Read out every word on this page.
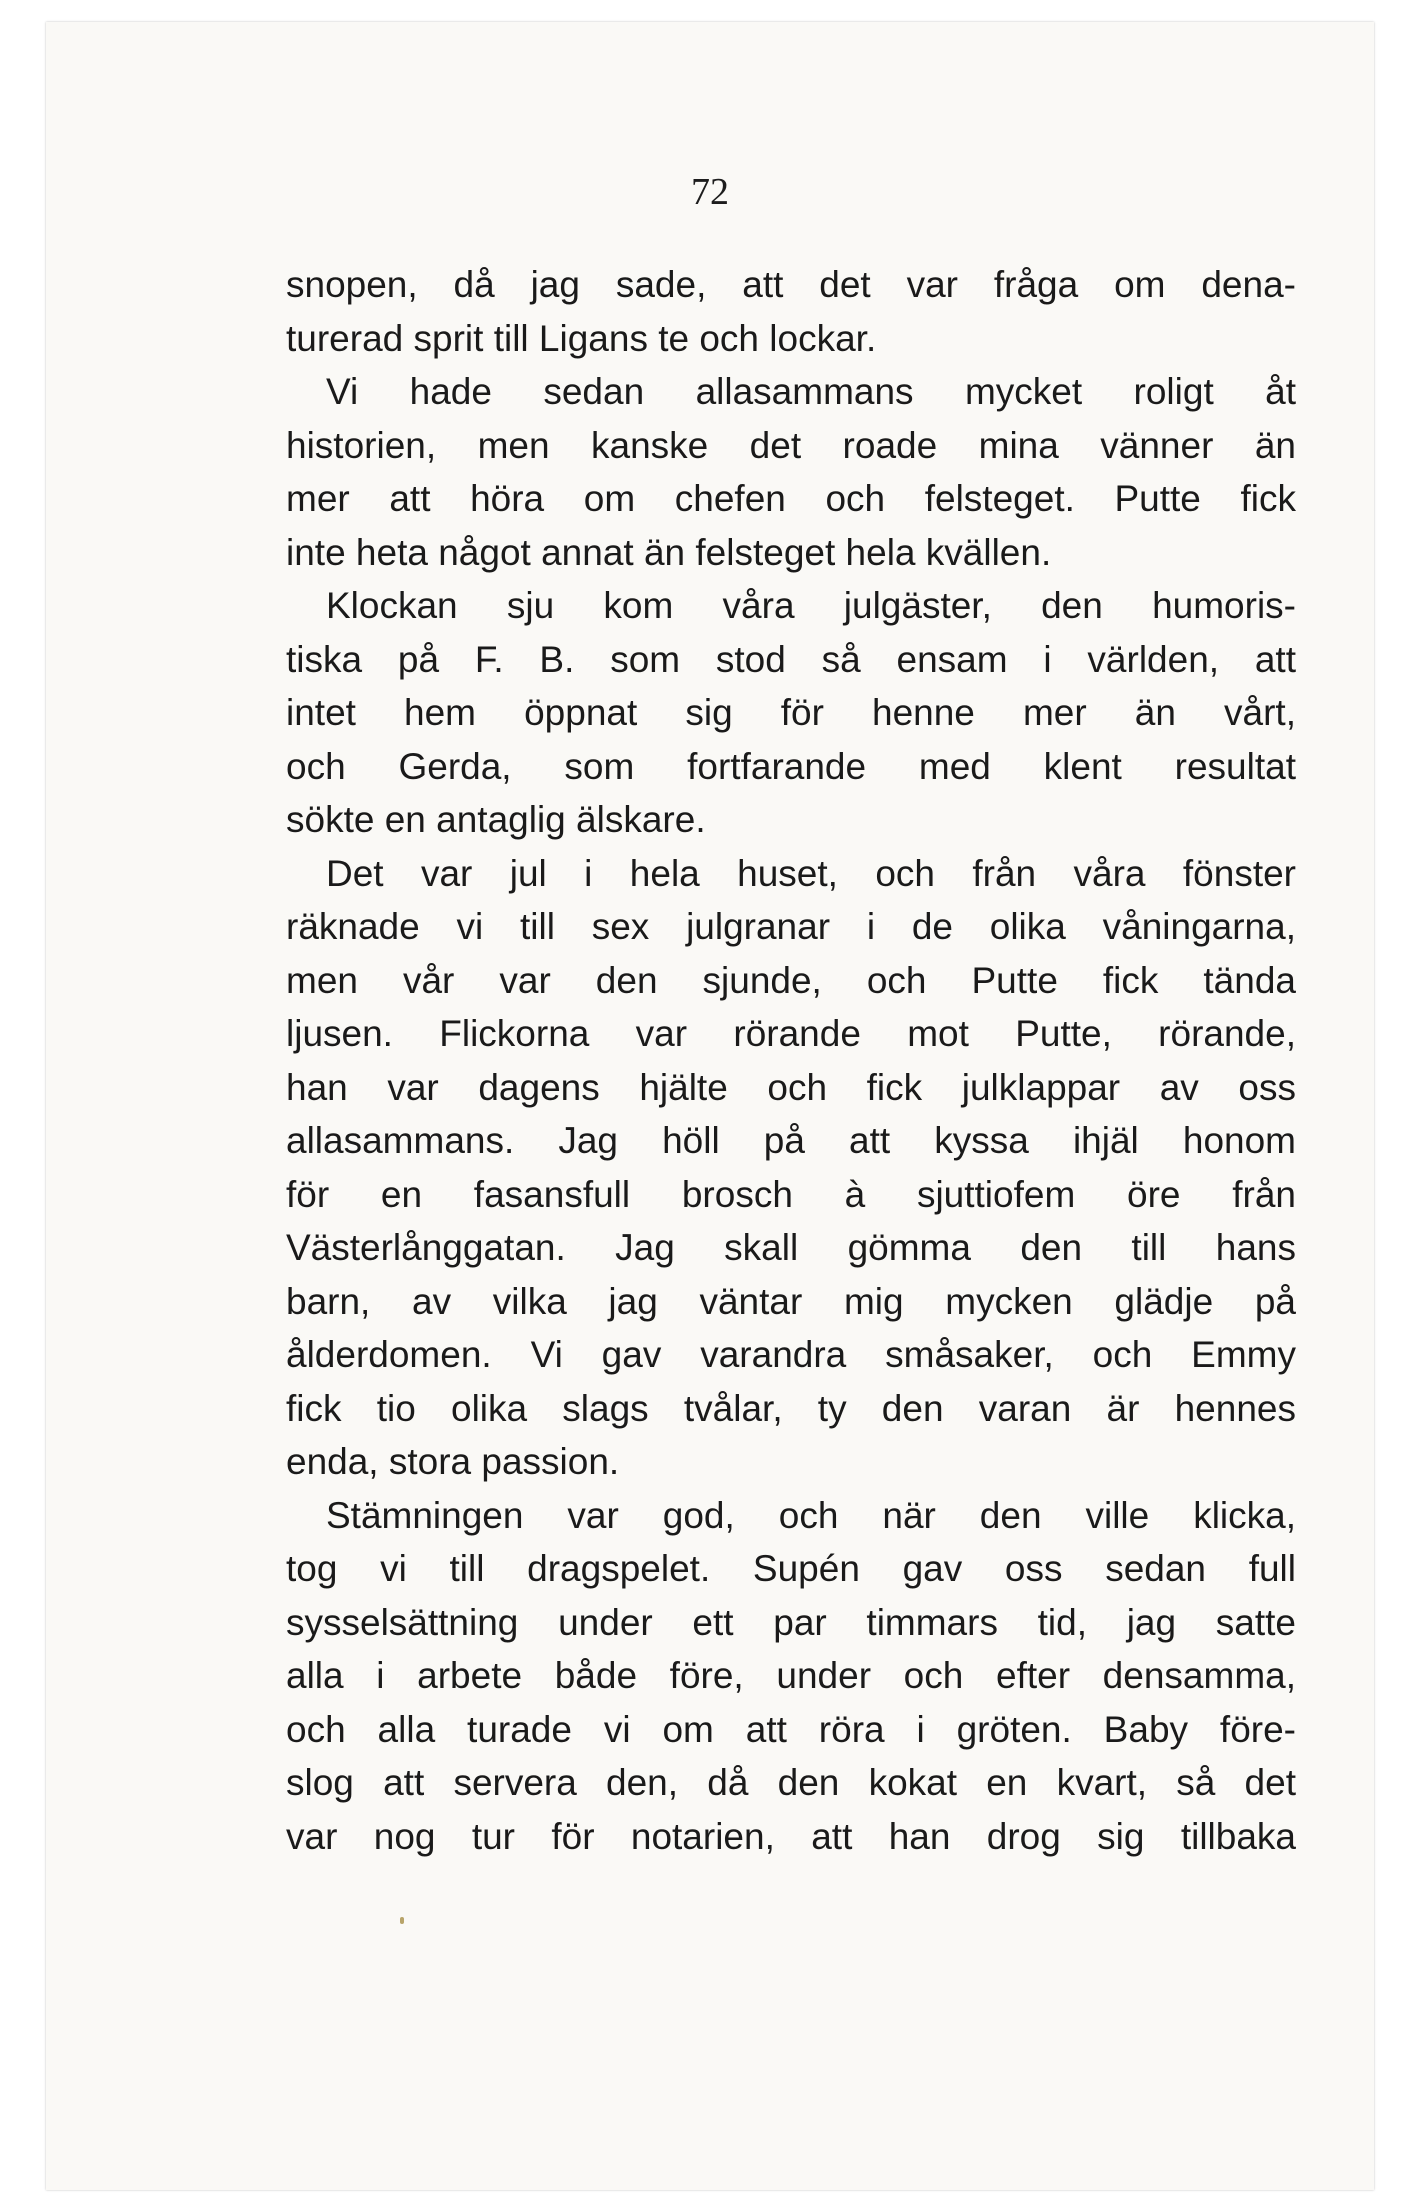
72
snopen, då jag sade, att det var fråga om dena-
turerad sprit till Ligans te och lockar.
Vi hade sedan allasammans mycket roligt åt
historien, men kanske det roade mina vänner än
mer att höra om chefen och felsteget. Putte fick
inte heta något annat än felsteget hela kvällen.
Klockan sju kom våra julgäster, den humoris-
tiska på F. B. som stod så ensam i världen, att
intet hem öppnat sig för henne mer än vårt,
och Gerda, som fortfarande med klent resultat
sökte en antaglig älskare.
Det var jul i hela huset, och från våra fönster
räknade vi till sex julgranar i de olika våningarna,
men vår var den sjunde, och Putte fick tända
ljusen. Flickorna var rörande mot Putte, rörande,
han var dagens hjälte och fick julklappar av oss
allasammans. Jag höll på att kyssa ihjäl honom
för en fasansfull brosch à sjuttiofem öre från
Västerlånggatan. Jag skall gömma den till hans
barn, av vilka jag väntar mig mycken glädje på
ålderdomen. Vi gav varandra småsaker, och Emmy
fick tio olika slags tvålar, ty den varan är hennes
enda, stora passion.
Stämningen var god, och när den ville klicka,
tog vi till dragspelet. Supén gav oss sedan full
sysselsättning under ett par timmars tid, jag satte
alla i arbete både före, under och efter densamma,
och alla turade vi om att röra i gröten. Baby före-
slog att servera den, då den kokat en kvart, så det
var nog tur för notarien, att han drog sig tillbaka
